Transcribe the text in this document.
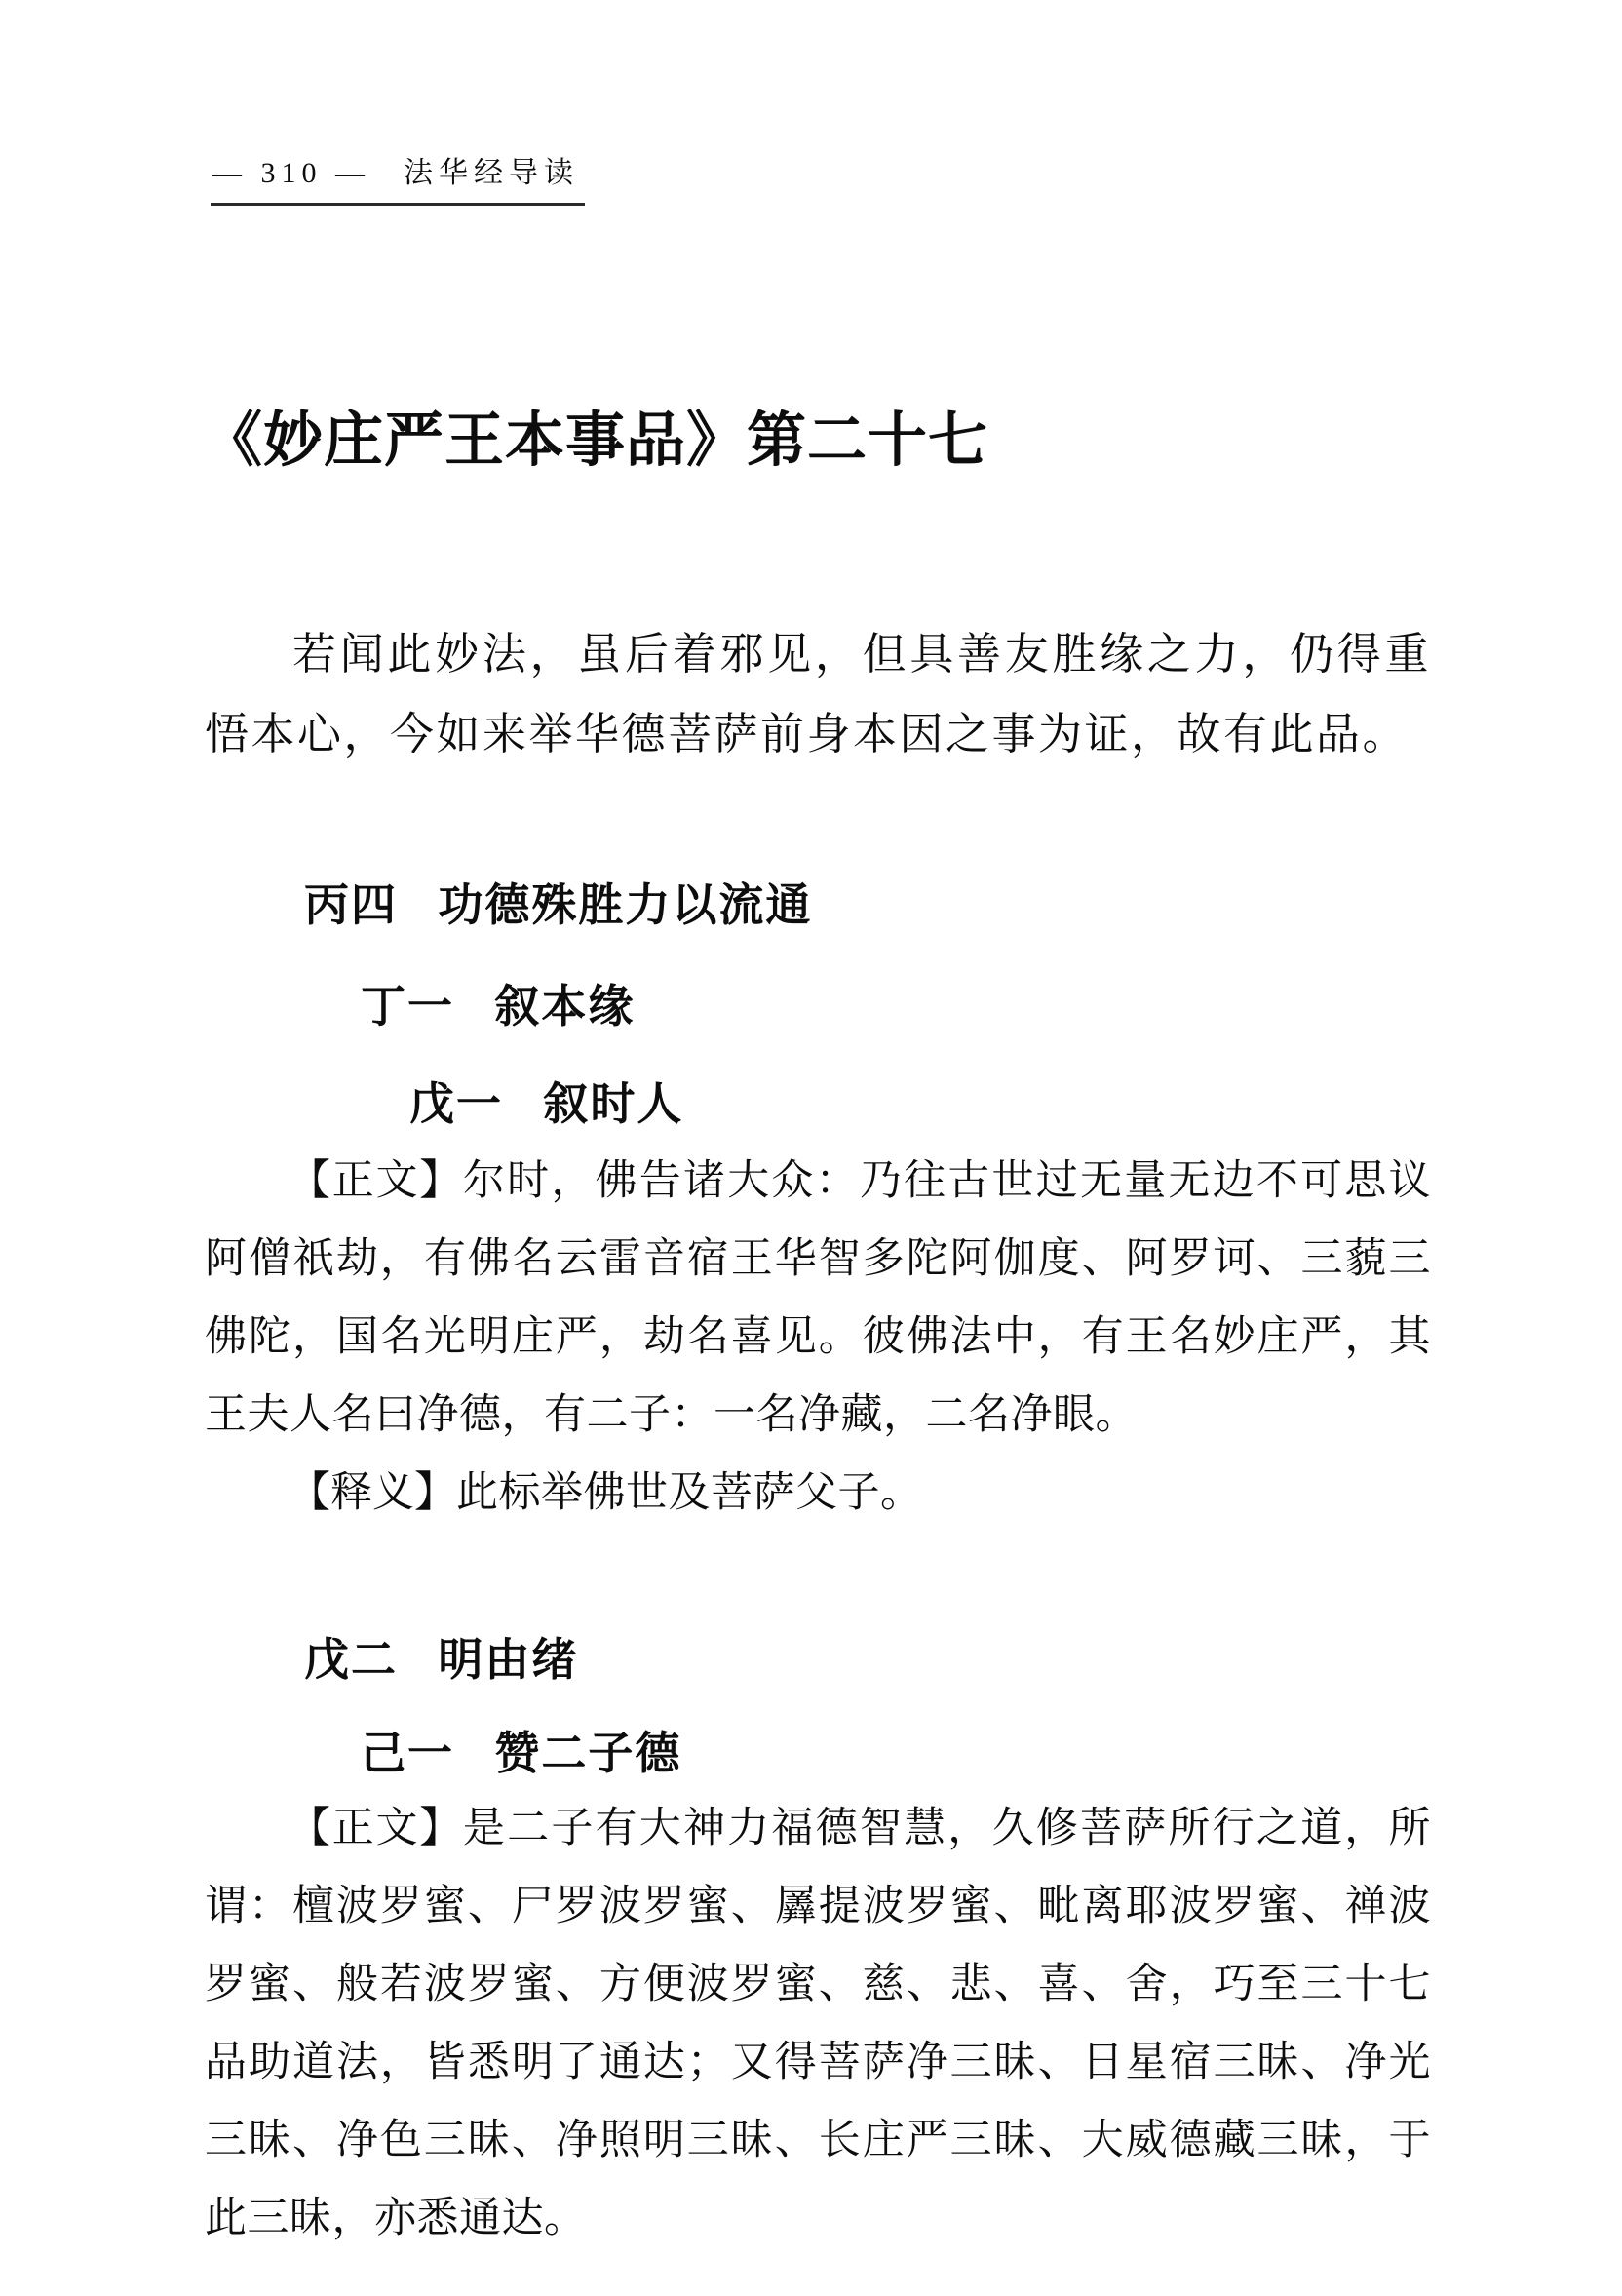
— 310 — 法华经导读
《妙庄严王本事品》第二十七

若闻此妙法，虽后着邪见，但具善友胜缘之力，仍得重悟本心，今如来举华德菩萨前身本因之事为证，故有此品。

丙四 功德殊胜力以流通
丁一 叙本缘
戊一 叙时人

【正文】尔时，佛告诸大众：乃往古世过无量无边不可思议阿僧祇劫，有佛名云雷音宿王华智多陀阿伽度、阿罗诃、三藐三佛陀，国名光明庄严，劫名喜见。彼佛法中，有王名妙庄严，其王夫人名曰净德，有二子：一名净藏，二名净眼。

【释义】此标举佛世及菩萨父子。

戊二 明由绪
己一 赞二子德

【正文】是二子有大神力福德智慧，久修菩萨所行之道，所谓：檀波罗蜜、尸罗波罗蜜、羼提波罗蜜、毗离耶波罗蜜、禅波罗蜜、般若波罗蜜、方便波罗蜜、慈、悲、喜、舍，巧至三十七品助道法，皆悉明了通达；又得菩萨净三昧、日星宿三昧、净光三昧、净色三昧、净照明三昧、长庄严三昧、大威德藏三昧，于此三昧，亦悉通达。
